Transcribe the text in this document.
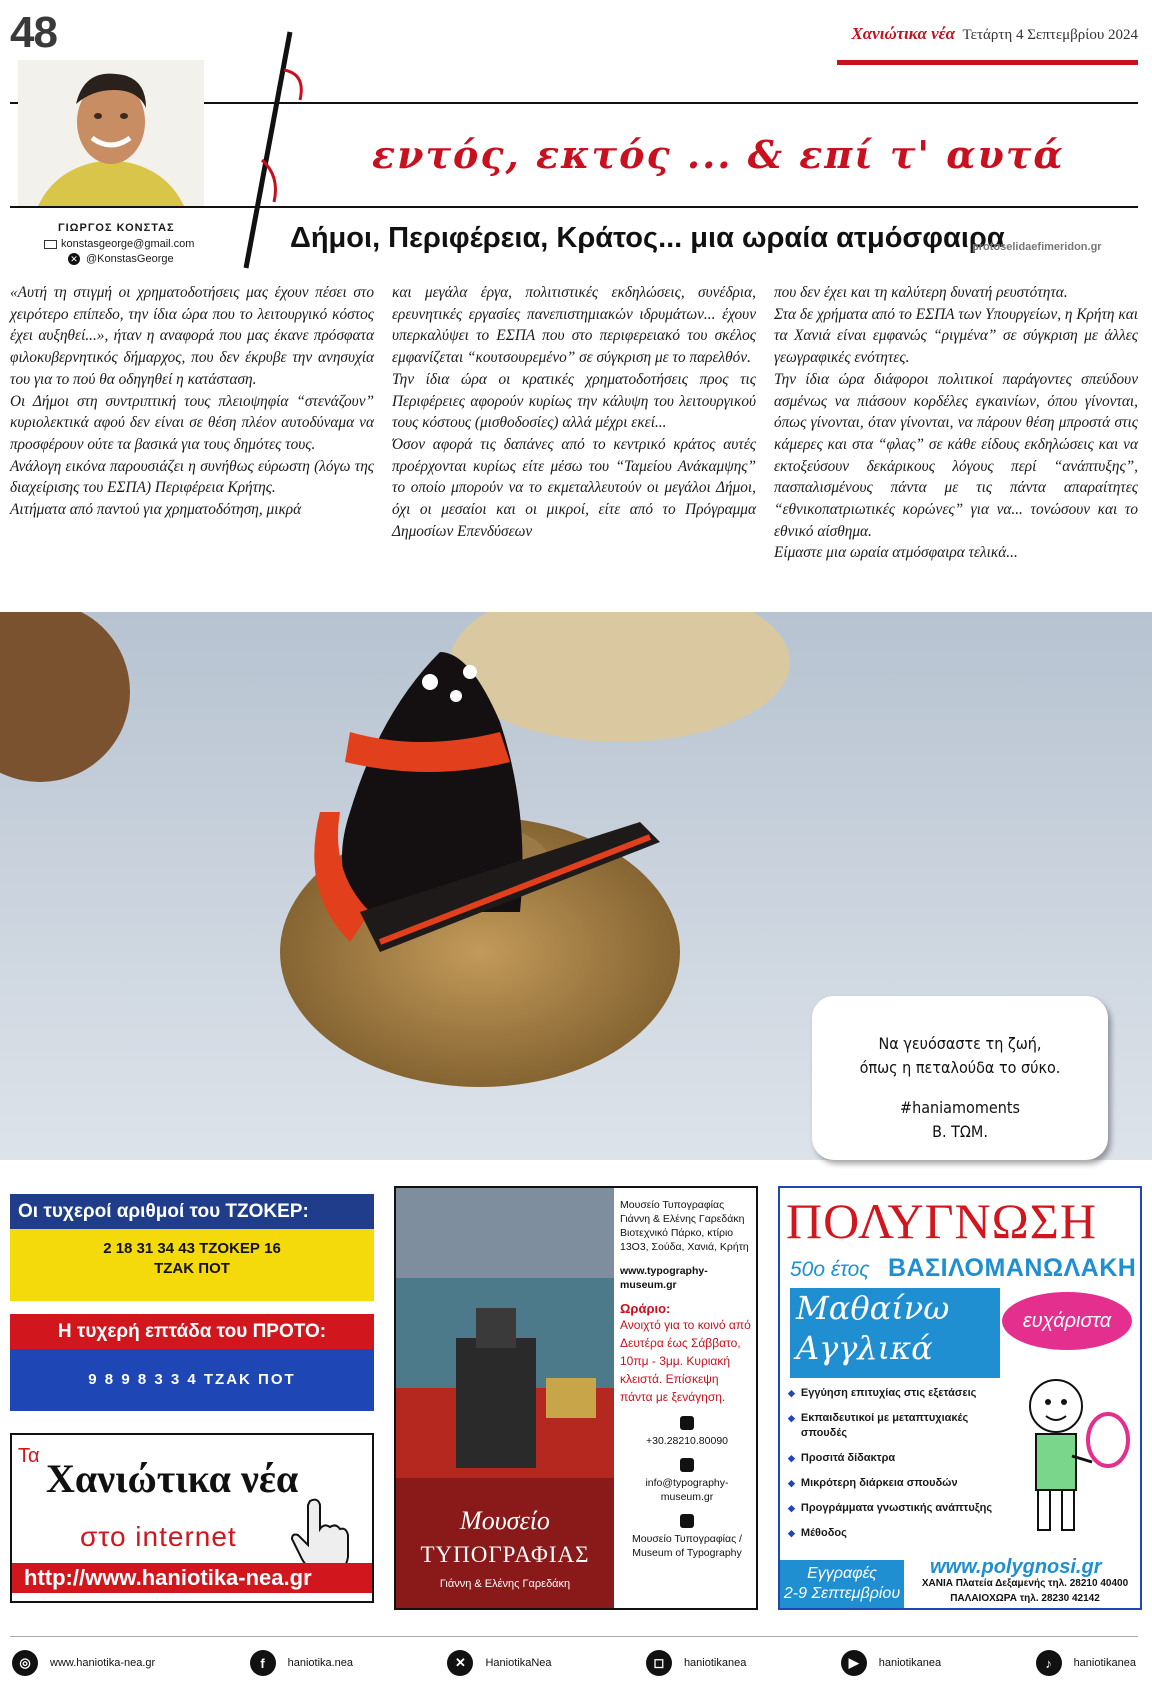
48	Χανιώτικα νέα Τετάρτη 4 Σεπτεμβρίου 2024
εντός, εκτός ... & επί τ' αυτά
ΓΙΩΡΓΟΣ ΚΟΝΣΤΑΣ
konstasgeorge@gmail.com
✕ @KonstasGeorge
Δήμοι, Περιφέρεια, Κράτος... μια ωραία ατμόσφαιρα
protoselidaefimeridon.gr

«Αυτή τη στιγμή οι χρηματοδοτήσεις μας έχουν πέσει στο χειρότερο επίπεδο, την ίδια ώρα που το λειτουργικό κόστος έχει αυξηθεί...», ήταν η αναφορά που μας έκανε πρόσφατα φιλοκυβερνητικός δήμαρχος, που δεν έκρυβε την ανησυχία του για το πού θα οδηγηθεί η κατάσταση.

Οι Δήμοι στη συντριπτική τους πλειοψηφία “στενάζουν” κυριολεκτικά αφού δεν είναι σε θέση πλέον αυτοδύναμα να προσφέρουν ούτε τα βασικά για τους δημότες τους.

Ανάλογη εικόνα παρουσιάζει η συνήθως εύρωστη (λόγω της διαχείρισης του ΕΣΠΑ) Περιφέρεια Κρήτης.

Αιτήματα από παντού για χρηματοδότηση, μικρά

και μεγάλα έργα, πολιτιστικές εκδηλώσεις, συνέδρια, ερευνητικές εργασίες πανεπιστημιακών ιδρυμάτων... έχουν υπερκαλύψει το ΕΣΠΑ που στο περιφερειακό του σκέλος εμφανίζεται “κουτσουρεμένο” σε σύγκριση με το παρελθόν.

Την ίδια ώρα οι κρατικές χρηματοδοτήσεις προς τις Περιφέρειες αφορούν κυρίως την κάλυψη του λειτουργικού τους κόστους (μισθοδοσίες) αλλά μέχρι εκεί...

Όσον αφορά τις δαπάνες από το κεντρικό κράτος αυτές προέρχονται κυρίως είτε μέσω του “Ταμείου Ανάκαμψης” το οποίο μπορούν να το εκμεταλλευτούν οι μεγάλοι Δήμοι, όχι οι μεσαίοι και οι μικροί, είτε από το Πρόγραμμα Δημοσίων Επενδύσεων

που δεν έχει και τη καλύτερη δυνατή ρευστότητα.

Στα δε χρήματα από το ΕΣΠΑ των Υπουργείων, η Κρήτη και τα Χανιά είναι εμφανώς “ριγμένα” σε σύγκριση με άλλες γεωγραφικές ενότητες.

Την ίδια ώρα διάφοροι πολιτικοί παράγοντες σπεύδουν ασμένως να πιάσουν κορδέλες εγκαινίων, όπου γίνονται, όπως γίνονται, όταν γίνονται, να πάρουν θέση μπροστά στις κάμερες και στα “φλας” σε κάθε είδους εκδηλώσεις και να εκτοξεύσουν δεκάρικους λόγους περί “ανάπτυξης”, πασπαλισμένους πάντα με τις πάντα απαραίτητες “εθνικοπατριωτικές κορώνες” για να... τονώσουν και το εθνικό αίσθημα.

Είμαστε μια ωραία ατμόσφαιρα τελικά...

Να γευόσαστε τη ζωή,
όπως η πεταλούδα το σύκο.
#haniamoments
Β. ΤΩΜ.
Οι τυχεροί αριθμοί του ΤΖΟΚΕΡ:
2 18 31 34 43 ΤΖΟΚΕΡ 16
ΤΖΑΚ ΠΟΤ
Η τυχερή επτάδα του ΠΡΟΤΟ:
9 8 9 8 3 3 4 ΤΖΑΚ ΠΟΤ
Τα Χανιώτικα νέα
στο internet
http://www.haniotika-nea.gr
Μουσείο
ΤΥΠΟΓΡΑΦΙΑΣ
Γιάννη & Ελένης Γαρεδάκη
Μουσείο Τυπογραφίας Γιάννη & Ελένης Γαρεδάκη Βιοτεχνικό Πάρκο, κτίριο 13Ο3, Σούδα, Χανιά, Κρήτη
www.typography-museum.gr
Ωράριο:
Ανοιχτό για το κοινό από Δευτέρα έως Σάββατο, 10πμ - 3μμ. Κυριακή κλειστά. Επίσκεψη πάντα με ξενάγηση.
+30.28210.80090
info@typography-museum.gr
Μουσείο Τυπογραφίας / Museum of Typography
ΠΟΛΥΓΝΩΣΗ
50ο έτος ΒΑΣΙΛΟΜΑΝΩΛΑΚΗ
Μαθαίνω
Αγγλικά
ευχάριστα
◆ Εγγύηση επιτυχίας στις εξετάσεις
◆ Εκπαιδευτικοί με μεταπτυχιακές σπουδές
◆ Προσιτά δίδακτρα
◆ Μικρότερη διάρκεια σπουδών
◆ Προγράμματα γνωστικής ανάπτυξης
◆ Μέθοδος
www.polygnosi.gr
Εγγραφές
2-9 Σεπτεμβρίου
ΧΑΝΙΑ Πλατεία Δεξαμενής τηλ. 28210 40400
ΠΑΛΑΙΟΧΩΡΑ τηλ. 28230 42142
◎	www.haniotika-nea.gr	f	haniotika.nea	✕	HaniotikaNea	◻	haniotikanea	▶	haniotikanea	♪	haniotikanea
